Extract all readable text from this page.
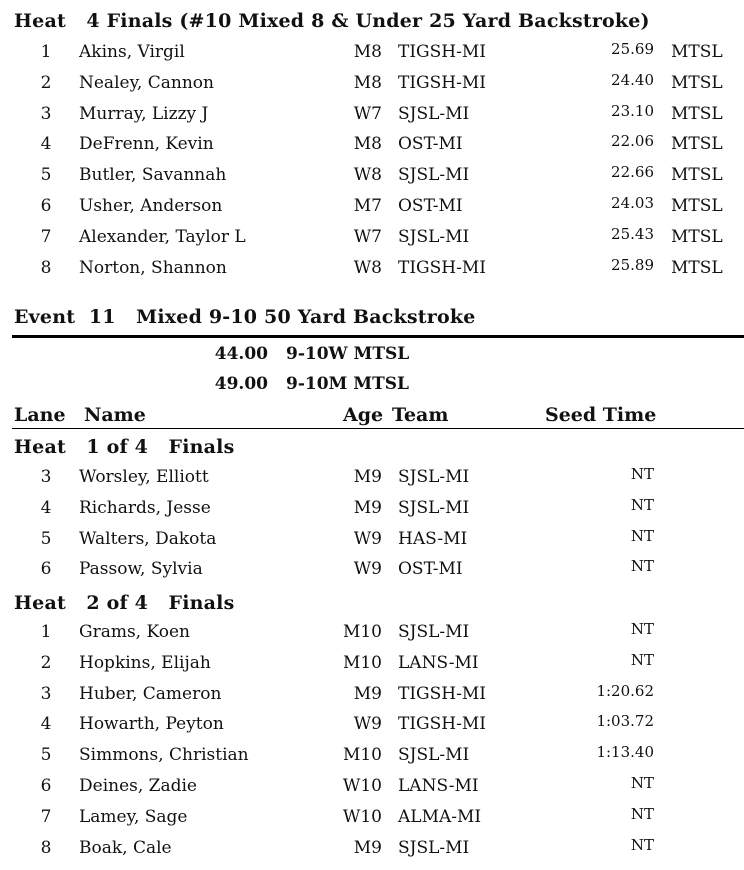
Heat   4 Finals (#10 Mixed 8 & Under 25 Yard Backstroke)
1	Akins, Virgil	M8 TIGSH-MI	25.69 MTSL
2	Nealey, Cannon	M8 TIGSH-MI	24.40 MTSL
3	Murray, Lizzy J	W7 SJSL-MI	23.10 MTSL
4	DeFrenn, Kevin	M8 OST-MI	22.06 MTSL
5	Butler, Savannah	W8 SJSL-MI	22.66 MTSL
6	Usher, Anderson	M7 OST-MI	24.03 MTSL
7	Alexander, Taylor L	W7 SJSL-MI	25.43 MTSL
8	Norton, Shannon	W8 TIGSH-MI	25.89 MTSL
Event  11   Mixed 9-10 50 Yard Backstroke
44.00 9-10W MTSL
49.00 9-10M MTSL
Lane Name	Age Team	Seed Time
Heat   1 of 4   Finals
3	Worsley, Elliott	M9 SJSL-MI	NT
4	Richards, Jesse	M9 SJSL-MI	NT
5	Walters, Dakota	W9 HAS-MI	NT
6	Passow, Sylvia	W9 OST-MI	NT
Heat   2 of 4   Finals
1	Grams, Koen	M10 SJSL-MI	NT
2	Hopkins, Elijah	M10 LANS-MI	NT
3	Huber, Cameron	M9 TIGSH-MI	1:20.62
4	Howarth, Peyton	W9 TIGSH-MI	1:03.72
5	Simmons, Christian	M10 SJSL-MI	1:13.40
6	Deines, Zadie	W10 LANS-MI	NT
7	Lamey, Sage	W10 ALMA-MI	NT
8	Boak, Cale	M9 SJSL-MI	NT
